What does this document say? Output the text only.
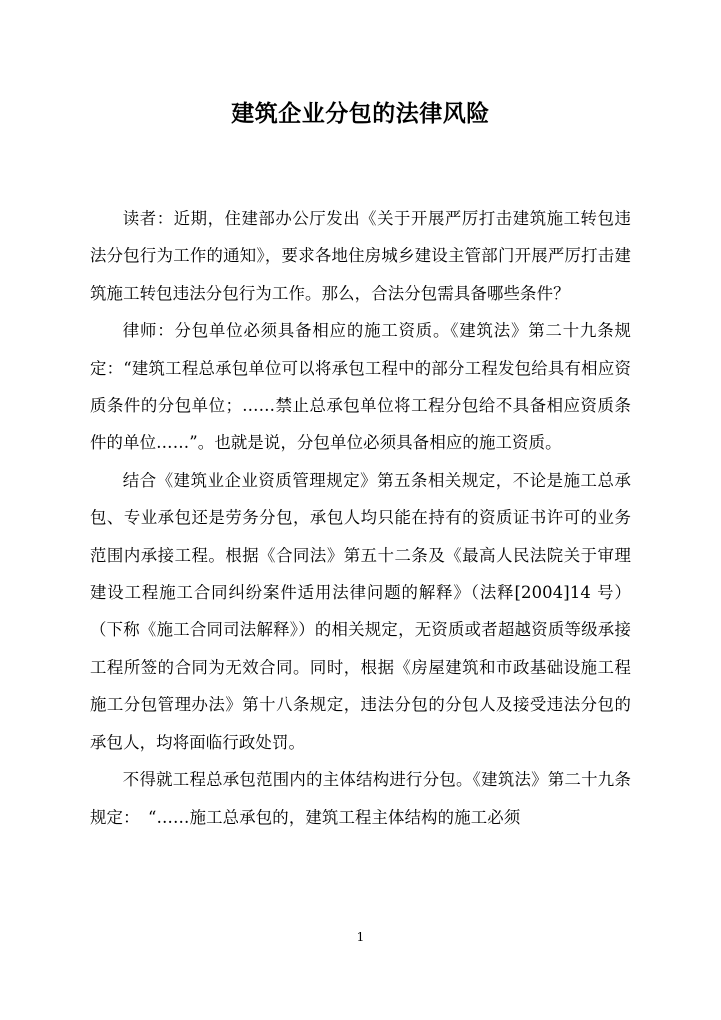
建筑企业分包的法律风险

读者：近期，住建部办公厅发出《关于开展严厉打击建筑施工转包违法分包行为工作的通知》，要求各地住房城乡建设主管部门开展严厉打击建筑施工转包违法分包行为工作。那么，合法分包需具备哪些条件？

律师：分包单位必须具备相应的施工资质。《建筑法》第二十九条规定：“建筑工程总承包单位可以将承包工程中的部分工程发包给具有相应资质条件的分包单位；……禁止总承包单位将工程分包给不具备相应资质条件的单位……”。也就是说，分包单位必须具备相应的施工资质。

结合《建筑业企业资质管理规定》第五条相关规定，不论是施工总承包、专业承包还是劳务分包，承包人均只能在持有的资质证书许可的业务范围内承接工程。根据《合同法》第五十二条及《最高人民法院关于审理建设工程施工合同纠纷案件适用法律问题的解释》（法释[2004]14 号）（下称《施工合同司法解释》）的相关规定，无资质或者超越资质等级承接工程所签的合同为无效合同。同时，根据《房屋建筑和市政基础设施工程施工分包管理办法》第十八条规定，违法分包的分包人及接受违法分包的承包人，均将面临行政处罚。

不得就工程总承包范围内的主体结构进行分包。《建筑法》第二十九条规定：　“……施工总承包的，建筑工程主体结构的施工必须

1
